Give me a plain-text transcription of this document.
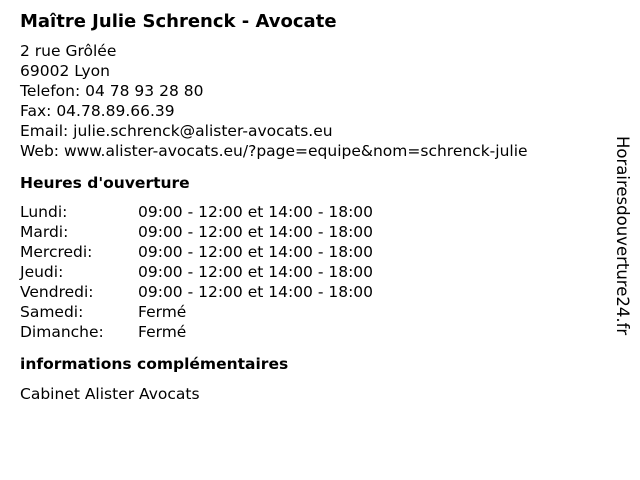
Maître Julie Schrenck - Avocate
2 rue Grôlée
69002 Lyon
Telefon: 04 78 93 28 80
Fax: 04.78.89.66.39
Email: julie.schrenck@alister-avocats.eu
Web: www.alister-avocats.eu/?page=equipe&nom=schrenck-julie
Heures d'ouverture
Lundi:	09:00 - 12:00 et 14:00 - 18:00
Mardi:	09:00 - 12:00 et 14:00 - 18:00
Mercredi:	09:00 - 12:00 et 14:00 - 18:00
Jeudi:	09:00 - 12:00 et 14:00 - 18:00
Vendredi:	09:00 - 12:00 et 14:00 - 18:00
Samedi:	Fermé
Dimanche: Fermé
informations complémentaires
Cabinet Alister Avocats
Horairesdouverture24.fr
